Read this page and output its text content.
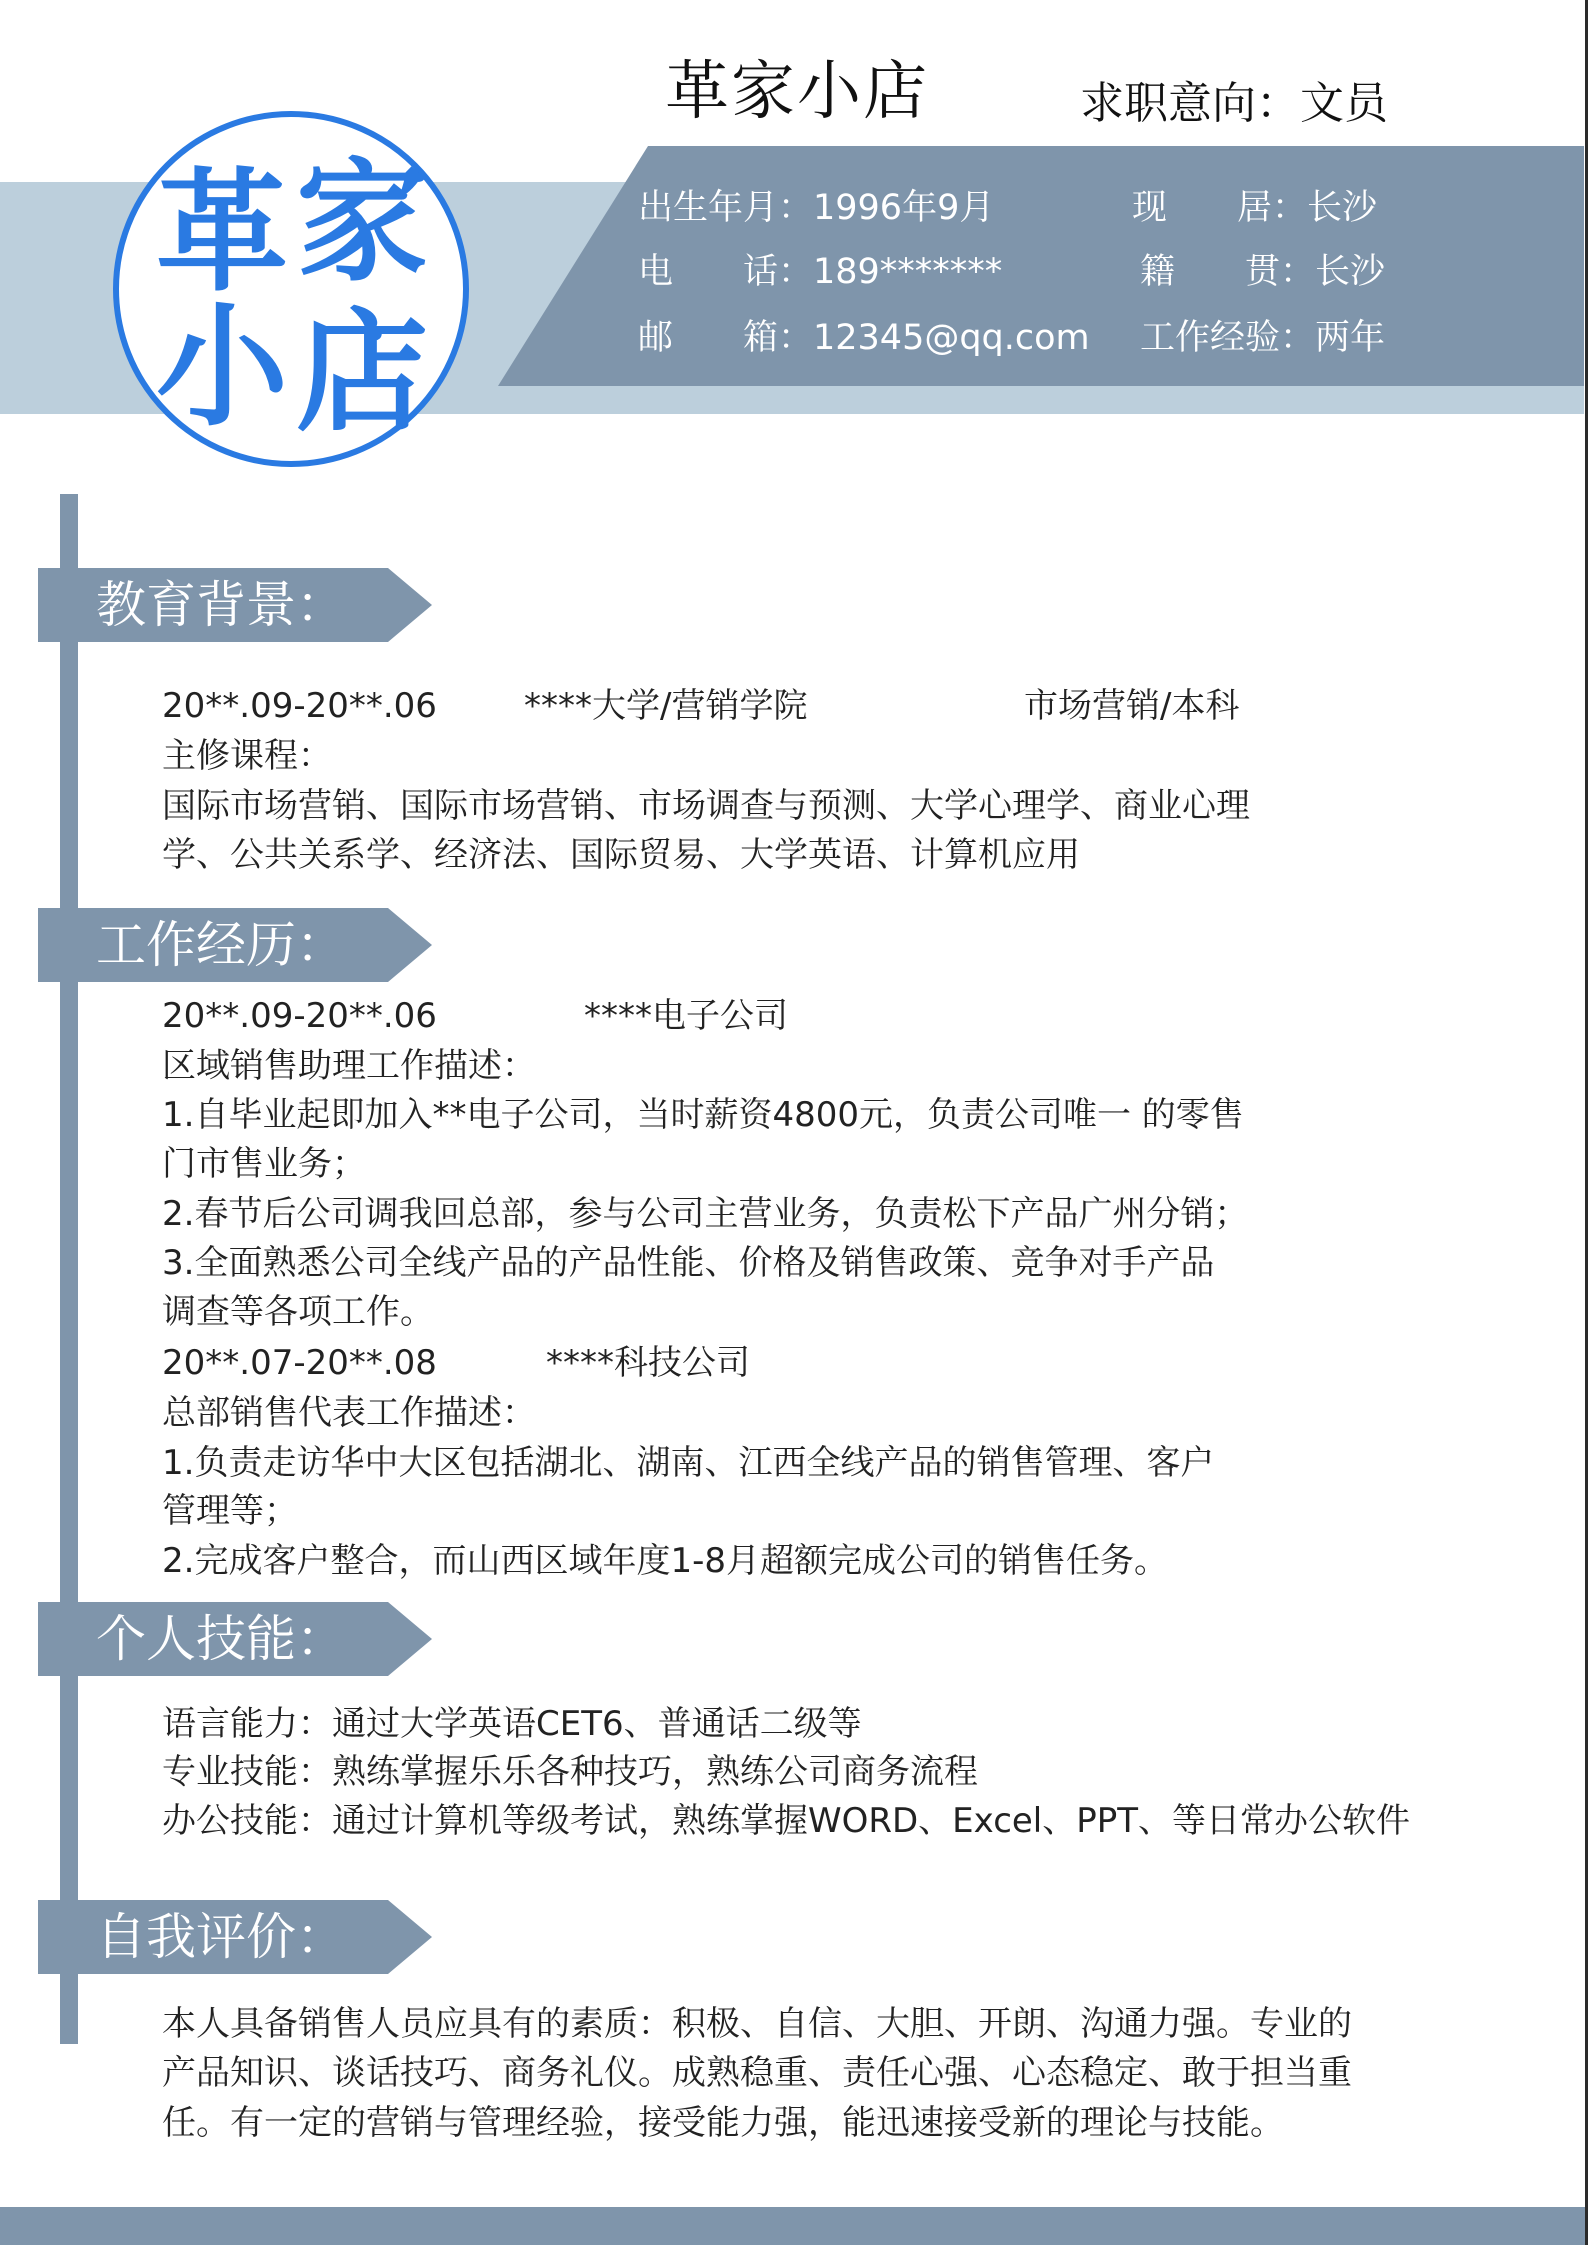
革 家
小 店
革家小店	求职意向：文员
出生年月：1996年9月	现　　居：长沙
电　　话：189*******	籍　　贯：长沙
邮　　箱：12345@qq.com 工作经验：两年
教育背景：
20**.09-20**.06	****大学/营销学院	市场营销/本科
主修课程：
国际市场营销、国际市场营销、市场调查与预测、大学心理学、商业心理
学、公共关系学、经济法、国际贸易、大学英语、计算机应用
工作经历：
20**.09-20**.06	****电子公司
区域销售助理工作描述：
1.自毕业起即加入**电子公司，当时薪资4800元，负责公司唯一 的零售
门市售业务；
2.春节后公司调我回总部，参与公司主营业务，负责松下产品广州分销；
3.全面熟悉公司全线产品的产品性能、价格及销售政策、竞争对手产品
调查等各项工作。
20**.07-20**.08	****科技公司
总部销售代表工作描述：
1.负责走访华中大区包括湖北、湖南、江西全线产品的销售管理、客户
管理等；
2.完成客户整合，而山西区域年度1-8月超额完成公司的销售任务。
个人技能：
语言能力：通过大学英语CET6、普通话二级等
专业技能：熟练掌握乐乐各种技巧，熟练公司商务流程
办公技能：通过计算机等级考试，熟练掌握WORD、Excel、PPT、等日常办公软件
自我评价：
本人具备销售人员应具有的素质：积极、自信、大胆、开朗、沟通力强。专业的
产品知识、谈话技巧、商务礼仪。成熟稳重、责任心强、心态稳定、敢于担当重
任。有一定的营销与管理经验，接受能力强，能迅速接受新的理论与技能。
